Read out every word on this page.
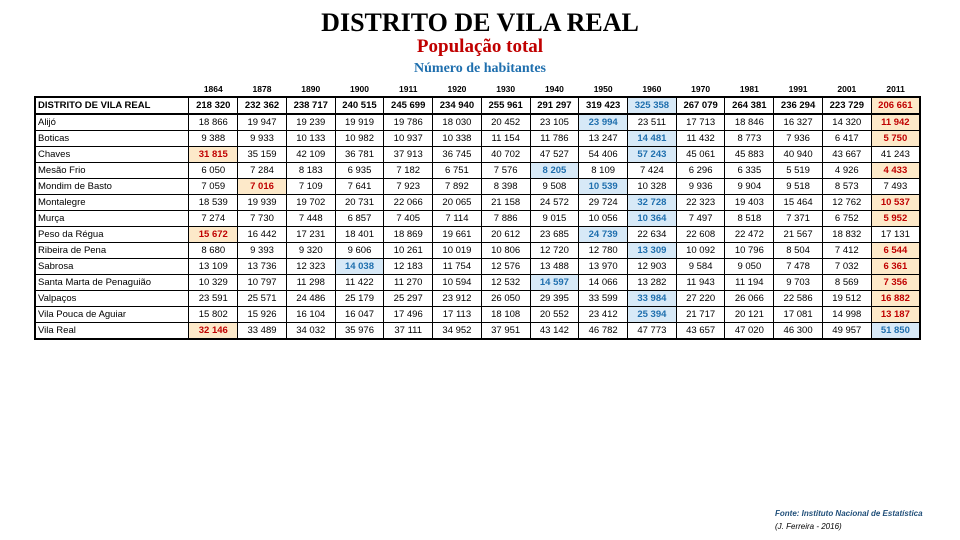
DISTRITO DE VILA REAL
População total
Número de habitantes
	1864	1878	1890	1900	1911	1920	1930	1940	1950	1960	1970	1981	1991	2001	2011
DISTRITO DE VILA REAL	218 320	232 362	238 717	240 515	245 699	234 940	255 961	291 297	319 423	325 358	267 079	264 381	236 294	223 729	206 661
Alijó	18 866	19 947	19 239	19 919	19 786	18 030	20 452	23 105	23 994	23 511	17 713	18 846	16 327	14 320	11 942
Boticas	9 388	9 933	10 133	10 982	10 937	10 338	11 154	11 786	13 247	14 481	11 432	8 773	7 936	6 417	5 750
Chaves	31 815	35 159	42 109	36 781	37 913	36 745	40 702	47 527	54 406	57 243	45 061	45 883	40 940	43 667	41 243
Mesão Frio	6 050	7 284	8 183	6 935	7 182	6 751	7 576	8 205	8 109	7 424	6 296	6 335	5 519	4 926	4 433
Mondim de Basto	7 059	7 016	7 109	7 641	7 923	7 892	8 398	9 508	10 539	10 328	9 936	9 904	9 518	8 573	7 493
Montalegre	18 539	19 939	19 702	20 731	22 066	20 065	21 158	24 572	29 724	32 728	22 323	19 403	15 464	12 762	10 537
Murça	7 274	7 730	7 448	6 857	7 405	7 114	7 886	9 015	10 056	10 364	7 497	8 518	7 371	6 752	5 952
Peso da Régua	15 672	16 442	17 231	18 401	18 869	19 661	20 612	23 685	24 739	22 634	22 608	22 472	21 567	18 832	17 131
Ribeira de Pena	8 680	9 393	9 320	9 606	10 261	10 019	10 806	12 720	12 780	13 309	10 092	10 796	8 504	7 412	6 544
Sabrosa	13 109	13 736	12 323	14 038	12 183	11 754	12 576	13 488	13 970	12 903	9 584	9 050	7 478	7 032	6 361
Santa Marta de Penaguião	10 329	10 797	11 298	11 422	11 270	10 594	12 532	14 597	14 066	13 282	11 943	11 194	9 703	8 569	7 356
Valpaços	23 591	25 571	24 486	25 179	25 297	23 912	26 050	29 395	33 599	33 984	27 220	26 066	22 586	19 512	16 882
Vila Pouca de Aguiar	15 802	15 926	16 104	16 047	17 496	17 113	18 108	20 552	23 412	25 394	21 717	20 121	17 081	14 998	13 187
Vila Real	32 146	33 489	34 032	35 976	37 111	34 952	37 951	43 142	46 782	47 773	43 657	47 020	46 300	49 957	51 850
Fonte: Instituto Nacional de Estatística
(J. Ferreira - 2016)
